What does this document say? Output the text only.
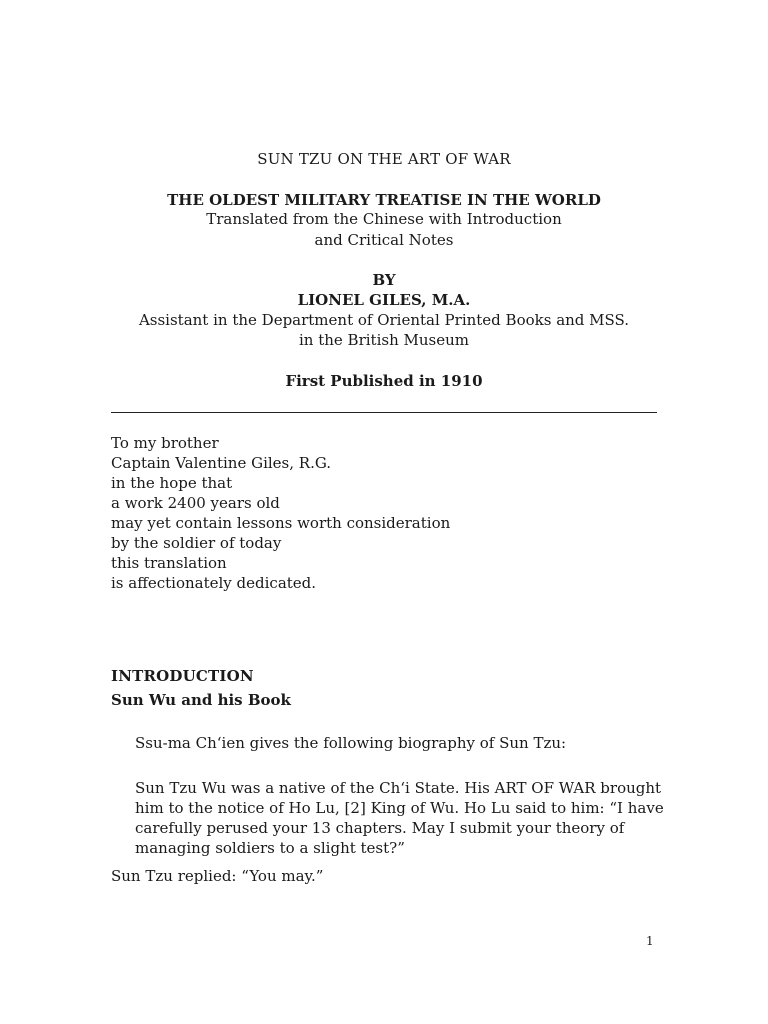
SUN TZU ON THE ART OF WAR
THE OLDEST MILITARY TREATISE IN THE WORLD
Translated from the Chinese with Introduction
and Critical Notes
BY
LIONEL GILES, M.A.
Assistant in the Department of Oriental Printed Books and MSS.
in the British Museum
First Published in 1910
To my brother
Captain Valentine Giles, R.G.
in the hope that
a work 2400 years old
may yet contain lessons worth consideration
by the soldier of today
this translation
is affectionately dedicated.
INTRODUCTION
Sun Wu and his Book
Ssu-ma Ch‘ien gives the following biography of Sun Tzu:
Sun Tzu Wu was a native of the Ch‘i State. His ART OF WAR brought
him to the notice of Ho Lu, [2] King of Wu. Ho Lu said to him: “I have
carefully perused your 13 chapters. May I submit your theory of
managing soldiers to a slight test?”
Sun Tzu replied: “You may.”
1
